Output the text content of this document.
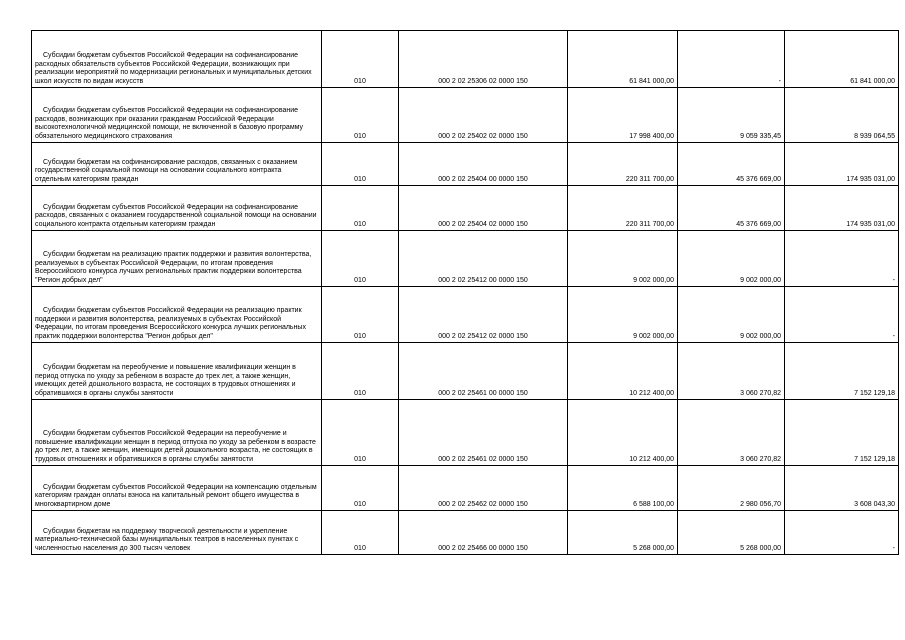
Субсидии бюджетам субъектов Российской Федерации на софинансирование расходных обязательств субъектов Российской Федерации, возникающих при реализации мероприятий по модернизации региональных и муниципальных детских школ искусств по видам искусств	010	000 2 02 25306 02 0000 150	61 841 000,00	-	61 841 000,00
Субсидии бюджетам субъектов Российской Федерации на софинансирование расходов, возникающих при оказании гражданам Российской Федерации высокотехнологичной медицинской помощи, не включенной в базовую программу обязательного медицинского страхования	010	000 2 02 25402 02 0000 150	17 998 400,00	9 059 335,45	8 939 064,55
Субсидии бюджетам на софинансирование расходов, связанных с оказанием государственной социальной помощи на основании социального контракта отдельным категориям граждан	010	000 2 02 25404 00 0000 150	220 311 700,00	45 376 669,00	174 935 031,00
Субсидии бюджетам субъектов Российской Федерации на софинансирование расходов, связанных с оказанием государственной социальной помощи на основании социального контракта отдельным категориям граждан	010	000 2 02 25404 02 0000 150	220 311 700,00	45 376 669,00	174 935 031,00
Субсидии бюджетам на реализацию практик поддержки и развития волонтерства, реализуемых в субъектах Российской Федерации, по итогам проведения Всероссийского конкурса лучших региональных практик поддержки волонтерства "Регион добрых дел"	010	000 2 02 25412 00 0000 150	9 002 000,00	9 002 000,00	-
Субсидии бюджетам субъектов Российской Федерации на реализацию практик поддержки и развития волонтерства, реализуемых в субъектах Российской Федерации, по итогам проведения Всероссийского конкурса лучших региональных практик поддержки волонтерства "Регион добрых дел"	010	000 2 02 25412 02 0000 150	9 002 000,00	9 002 000,00	-
Субсидии бюджетам на переобучение и повышение квалификации женщин в период отпуска по уходу за ребенком в возрасте до трех лет, а также женщин, имеющих детей дошкольного возраста, не состоящих в трудовых отношениях и обратившихся в органы службы занятости	010	000 2 02 25461 00 0000 150	10 212 400,00	3 060 270,82	7 152 129,18
Субсидии бюджетам субъектов Российской Федерации на переобучение и повышение квалификации женщин в период отпуска по уходу за ребенком в возрасте до трех лет, а также женщин, имеющих детей дошкольного возраста, не состоящих в трудовых отношениях и обратившихся в органы службы занятости	010	000 2 02 25461 02 0000 150	10 212 400,00	3 060 270,82	7 152 129,18
Субсидии бюджетам субъектов Российской Федерации на компенсацию отдельным категориям граждан оплаты взноса на капитальный ремонт общего имущества в многоквартирном доме	010	000 2 02 25462 02 0000 150	6 588 100,00	2 980 056,70	3 608 043,30
Субсидии бюджетам на поддержку творческой деятельности и укрепление материально-технической базы муниципальных театров в населенных пунктах с численностью населения до 300 тысяч человек	010	000 2 02 25466 00 0000 150	5 268 000,00	5 268 000,00	-
